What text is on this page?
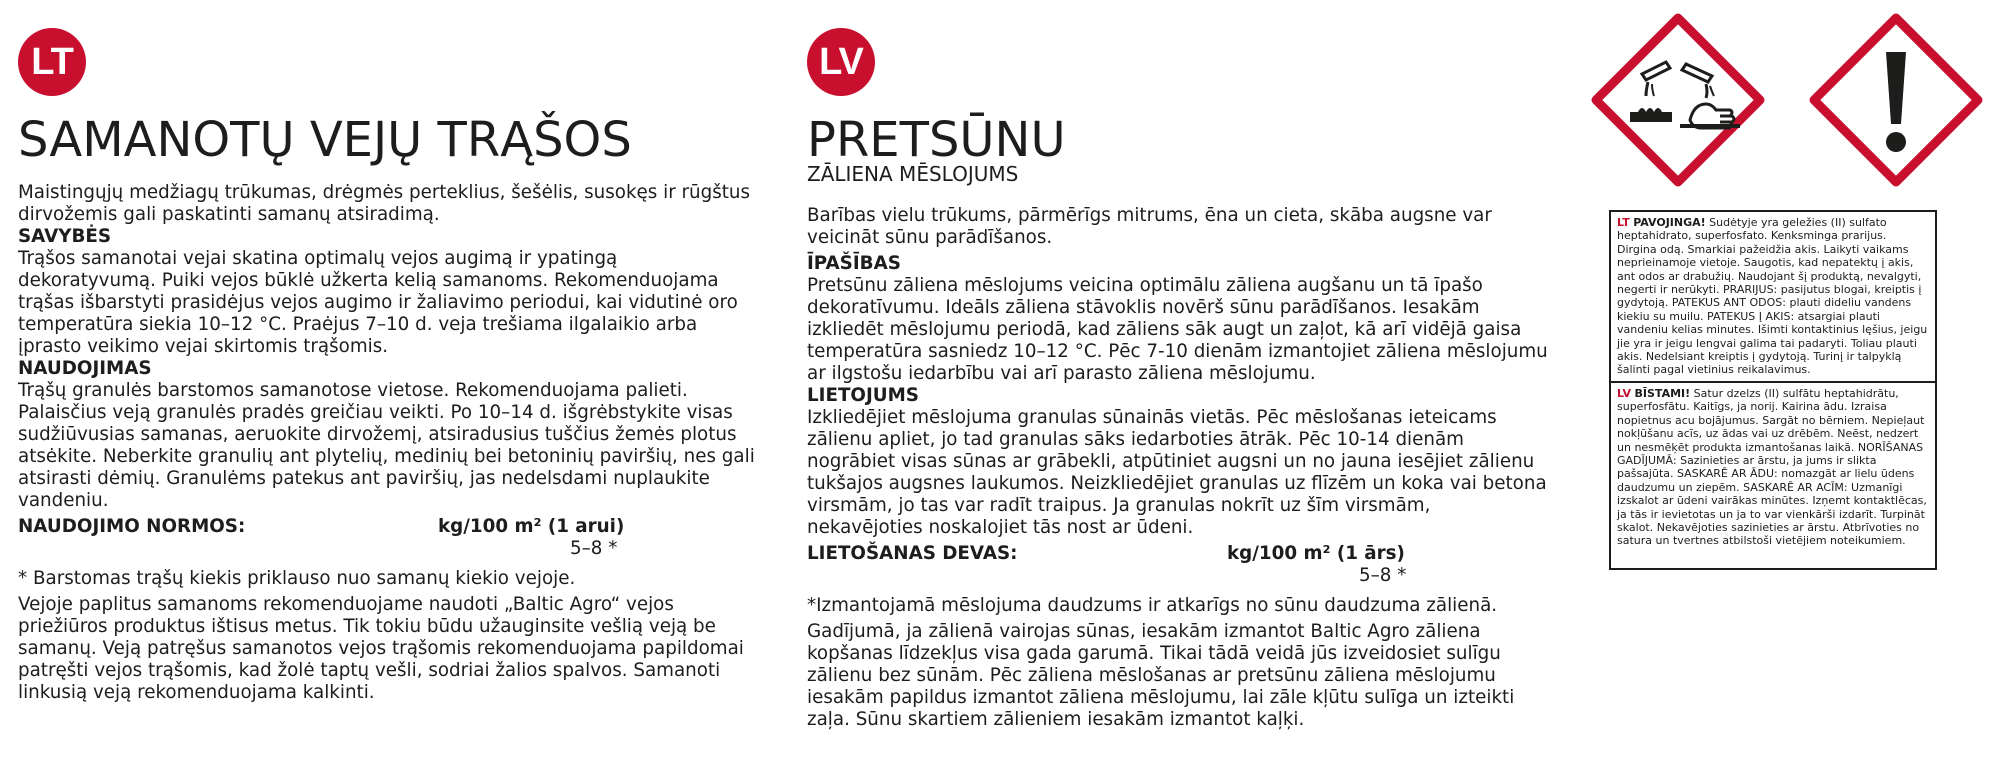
LT
SAMANOTŲ VEJŲ TRĄŠOS

Maistingųjų medžiagų trūkumas, drėgmės perteklius, šešėlis, susokęs ir rūgštus

dirvožemis gali paskatinti samanų atsiradimą.

SAVYBĖS

Trąšos samanotai vejai skatina optimalų vejos augimą ir ypatingą

dekoratyvumą. Puiki vejos būklė užkerta kelią samanoms. Rekomenduojama

trąšas išbarstyti prasidėjus vejos augimo ir žaliavimo periodui, kai vidutinė oro

temperatūra siekia 10–12 °C. Praėjus 7–10 d. veja trešiama ilgalaikio arba

įprasto veikimo vejai skirtomis trąšomis.

NAUDOJIMAS

Trąšų granulės barstomos samanotose vietose. Rekomenduojama palieti.

Palaisčius veją granulės pradės greičiau veikti. Po 10–14 d. išgrėbstykite visas

sudžiūvusias samanas, aeruokite dirvožemį, atsiradusius tuščius žemės plotus

atsėkite. Neberkite granulių ant plytelių, medinių bei betoninių paviršių, nes gali

atsirasti dėmių. Granulėms patekus ant paviršių, jas nedelsdami nuplaukite

vandeniu.

NAUDOJIMO NORMOS:	kg/100 m² (1 arui)
5–8 *

* Barstomas trąšų kiekis priklauso nuo samanų kiekio vejoje.

Vejoje paplitus samanoms rekomenduojame naudoti „Baltic Agro“ vejos

priežiūros produktus ištisus metus. Tik tokiu būdu užauginsite vešlią veją be

samanų. Veją patręšus samanotos vejos trąšomis rekomenduojama papildomai

patręšti vejos trąšomis, kad žolė taptų vešli, sodriai žalios spalvos. Samanoti

linkusią veją rekomenduojama kalkinti.

LV
PRETSŪNU
ZĀLIENA MĒSLOJUMS

Barības vielu trūkums, pārmērīgs mitrums, ēna un cieta, skāba augsne var

veicināt sūnu parādīšanos.

ĪPAŠĪBAS

Pretsūnu zāliena mēslojums veicina optimālu zāliena augšanu un tā īpašo

dekoratīvumu. Ideāls zāliena stāvoklis novērš sūnu parādīšanos. Iesakām

izkliedēt mēslojumu periodā, kad zāliens sāk augt un zaļot, kā arī vidējā gaisa

temperatūra sasniedz 10–12 °C. Pēc 7-10 dienām izmantojiet zāliena mēslojumu

ar ilgstošu iedarbību vai arī parasto zāliena mēslojumu.

LIETOJUMS

Izkliedējiet mēslojuma granulas sūnainās vietās. Pēc mēslošanas ieteicams

zālienu apliet, jo tad granulas sāks iedarboties ātrāk. Pēc 10-14 dienām

nogrābiet visas sūnas ar grābekli, atpūtiniet augsni un no jauna iesējiet zālienu

tukšajos augsnes laukumos. Neizkliedējiet granulas uz flīzēm un koka vai betona

virsmām, jo tas var radīt traipus. Ja granulas nokrīt uz šīm virsmām,

nekavējoties noskalojiet tās nost ar ūdeni.

LIETOŠANAS DEVAS:	kg/100 m² (1 ārs)
5–8 *

*Izmantojamā mēslojuma daudzums ir atkarīgs no sūnu daudzuma zālienā.

Gadījumā, ja zālienā vairojas sūnas, iesakām izmantot Baltic Agro zāliena

kopšanas līdzekļus visa gada garumā. Tikai tādā veidā jūs izveidosiet sulīgu

zālienu bez sūnām. Pēc zāliena mēslošanas ar pretsūnu zāliena mēslojumu

iesakām papildus izmantot zāliena mēslojumu, lai zāle kļūtu sulīga un izteikti

zaļa. Sūnu skartiem zālieniem iesakām izmantot kaļķi.

LT PAVOJINGA! Sudėtyje yra geležies (II) sulfato heptahidrato, superfosfato. Kenksminga prarijus. Dirgina odą. Smarkiai pažeidžia akis. Laikyti vaikams neprieinamoje vietoje. Saugotis, kad nepatektų į akis, ant odos ar drabužių. Naudojant šį produktą, nevalgyti, negerti ir nerūkyti. PRARIJUS: pasijutus blogai, kreiptis į gydytoją. PATEKUS ANT ODOS: plauti dideliu vandens kiekiu su muilu. PATEKUS Į AKIS: atsargiai plauti vandeniu kelias minutes. Išimti kontaktinius lęšius, jeigu jie yra ir jeigu lengvai galima tai padaryti. Toliau plauti akis. Nedelsiant kreiptis į gydytoją. Turinį ir talpyklą šalinti pagal vietinius reikalavimus.
LV BĪSTAMI! Satur dzelzs (II) sulfātu heptahidrātu, superfosfātu. Kaitīgs, ja norij. Kairina ādu. Izraisa nopietnus acu bojājumus. Sargāt no bērniem. Nepieļaut nokļūšanu acīs, uz ādas vai uz drēbēm. Neēst, nedzert un nesmēķēt produkta izmantošanas laikā. NORĪŠANAS GADĪJUMĀ: Sazinieties ar ārstu, ja jums ir slikta pašsajūta. SASKARĒ AR ĀDU: nomazgāt ar lielu ūdens daudzumu un ziepēm. SASKARĒ AR ACĪM: Uzmanīgi izskalot ar ūdeni vairākas minūtes. Izņemt kontaktlēcas, ja tās ir ievietotas un ja to var vienkārši izdarīt. Turpināt skalot. Nekavējoties sazinieties ar ārstu. Atbrīvoties no satura un tvertnes atbilstoši vietējiem noteikumiem.
